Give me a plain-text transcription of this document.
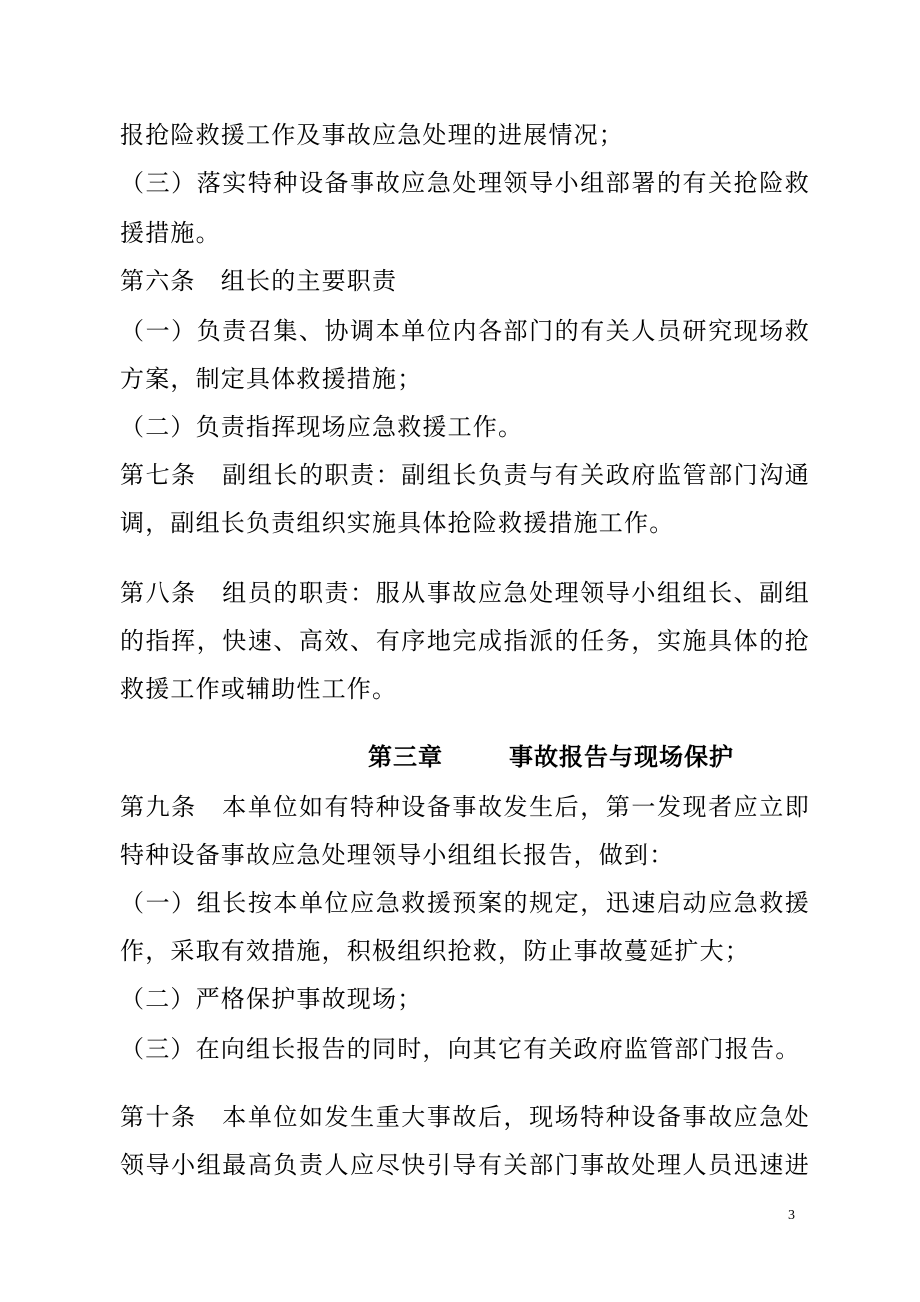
报抢险救援工作及事故应急处理的进展情况；
（三）落实特种设备事故应急处理领导小组部署的有关抢险救
援措施。
第六条　组长的主要职责
（一）负责召集、协调本单位内各部门的有关人员研究现场救
方案，制定具体救援措施；
（二）负责指挥现场应急救援工作。
第七条　副组长的职责：副组长负责与有关政府监管部门沟通
调，副组长负责组织实施具体抢险救援措施工作。
第八条　组员的职责：服从事故应急处理领导小组组长、副组
的指挥，快速、高效、有序地完成指派的任务，实施具体的抢
救援工作或辅助性工作。
第三章	事故报告与现场保护
第九条　本单位如有特种设备事故发生后，第一发现者应立即
特种设备事故应急处理领导小组组长报告，做到：
（一）组长按本单位应急救援预案的规定，迅速启动应急救援
作，采取有效措施，积极组织抢救，防止事故蔓延扩大；
（二）严格保护事故现场；
（三）在向组长报告的同时，向其它有关政府监管部门报告。
第十条　本单位如发生重大事故后，现场特种设备事故应急处
领导小组最高负责人应尽快引导有关部门事故处理人员迅速进
3
